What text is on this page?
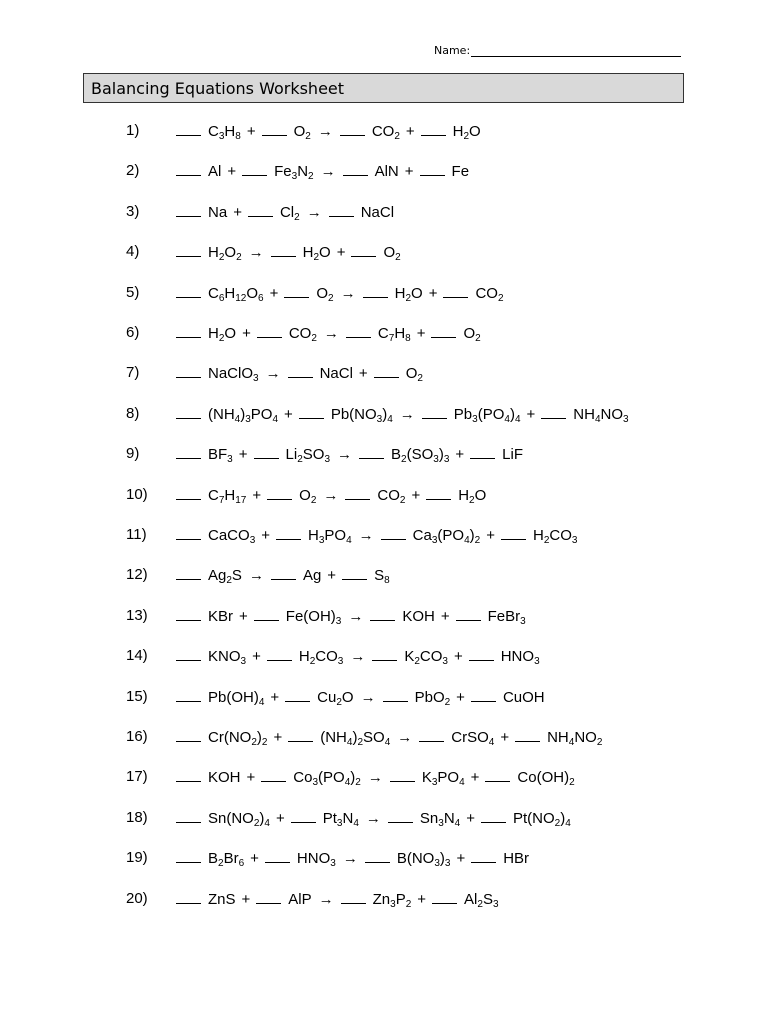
Name:
Balancing Equations Worksheet
1)	$C_3H_8$ +	$O_2$ →	$CO_2$ +	$H_2O$
2)	Al +	$Fe_3N_2$ →	AlN +	Fe
3)	Na +	$Cl_2$ →	NaCl
4)	$H_2O_2$ →	$H_2O$ +	$O_2$
5)	$C_6H_{12}O_6$ +	$O_2$ →	$H_2O$ +	$CO_2$
6)	$H_2O$ +	$CO_2$ →	$C_7H_8$ +	$O_2$
7)	NaClO$_3$ →	NaCl +	$O_2$
8)	$(NH_4)_3PO_4$ +	$Pb(NO_3)_4$ →	$Pb_3(PO_4)_4$ +	$NH_4NO_3$
9)	$BF_3$ +	$Li_2SO_3$ →	$B_2(SO_3)_3$ +	LiF
10)	$C_7H_{17}$ +	$O_2$ →	$CO_2$ +	$H_2O$
11)	CaCO$_3$ +	$H_3PO_4$ →	$Ca_3(PO_4)_2$ +	$H_2CO_3$
12)	$Ag_2S$ →	Ag +	$S_8$
13)	KBr +	$Fe(OH)_3$ →	KOH +	FeBr$_3$
14)	$KNO_3$ +	$H_2CO_3$ →	$K_2CO_3$ +	$HNO_3$
15)	$Pb(OH)_4$ +	$Cu_2O$ →	PbO$_2$ +	CuOH
16)	$Cr(NO_2)_2$ +	$(NH_4)_2SO_4$ →	CrSO$_4$ +	$NH_4NO_2$
17)	KOH +	$Co_3(PO_4)_2$ →	$K_3PO_4$ +	$Co(OH)_2$
18)	$Sn(NO_2)_4$ +	$Pt_3N_4$ →	$Sn_3N_4$ +	$Pt(NO_2)_4$
19)	$B_2Br_6$ +	$HNO_3$ →	$B(NO_3)_3$ +	HBr
20)	ZnS +	AlP →	$Zn_3P_2$ +	$Al_2S_3$
